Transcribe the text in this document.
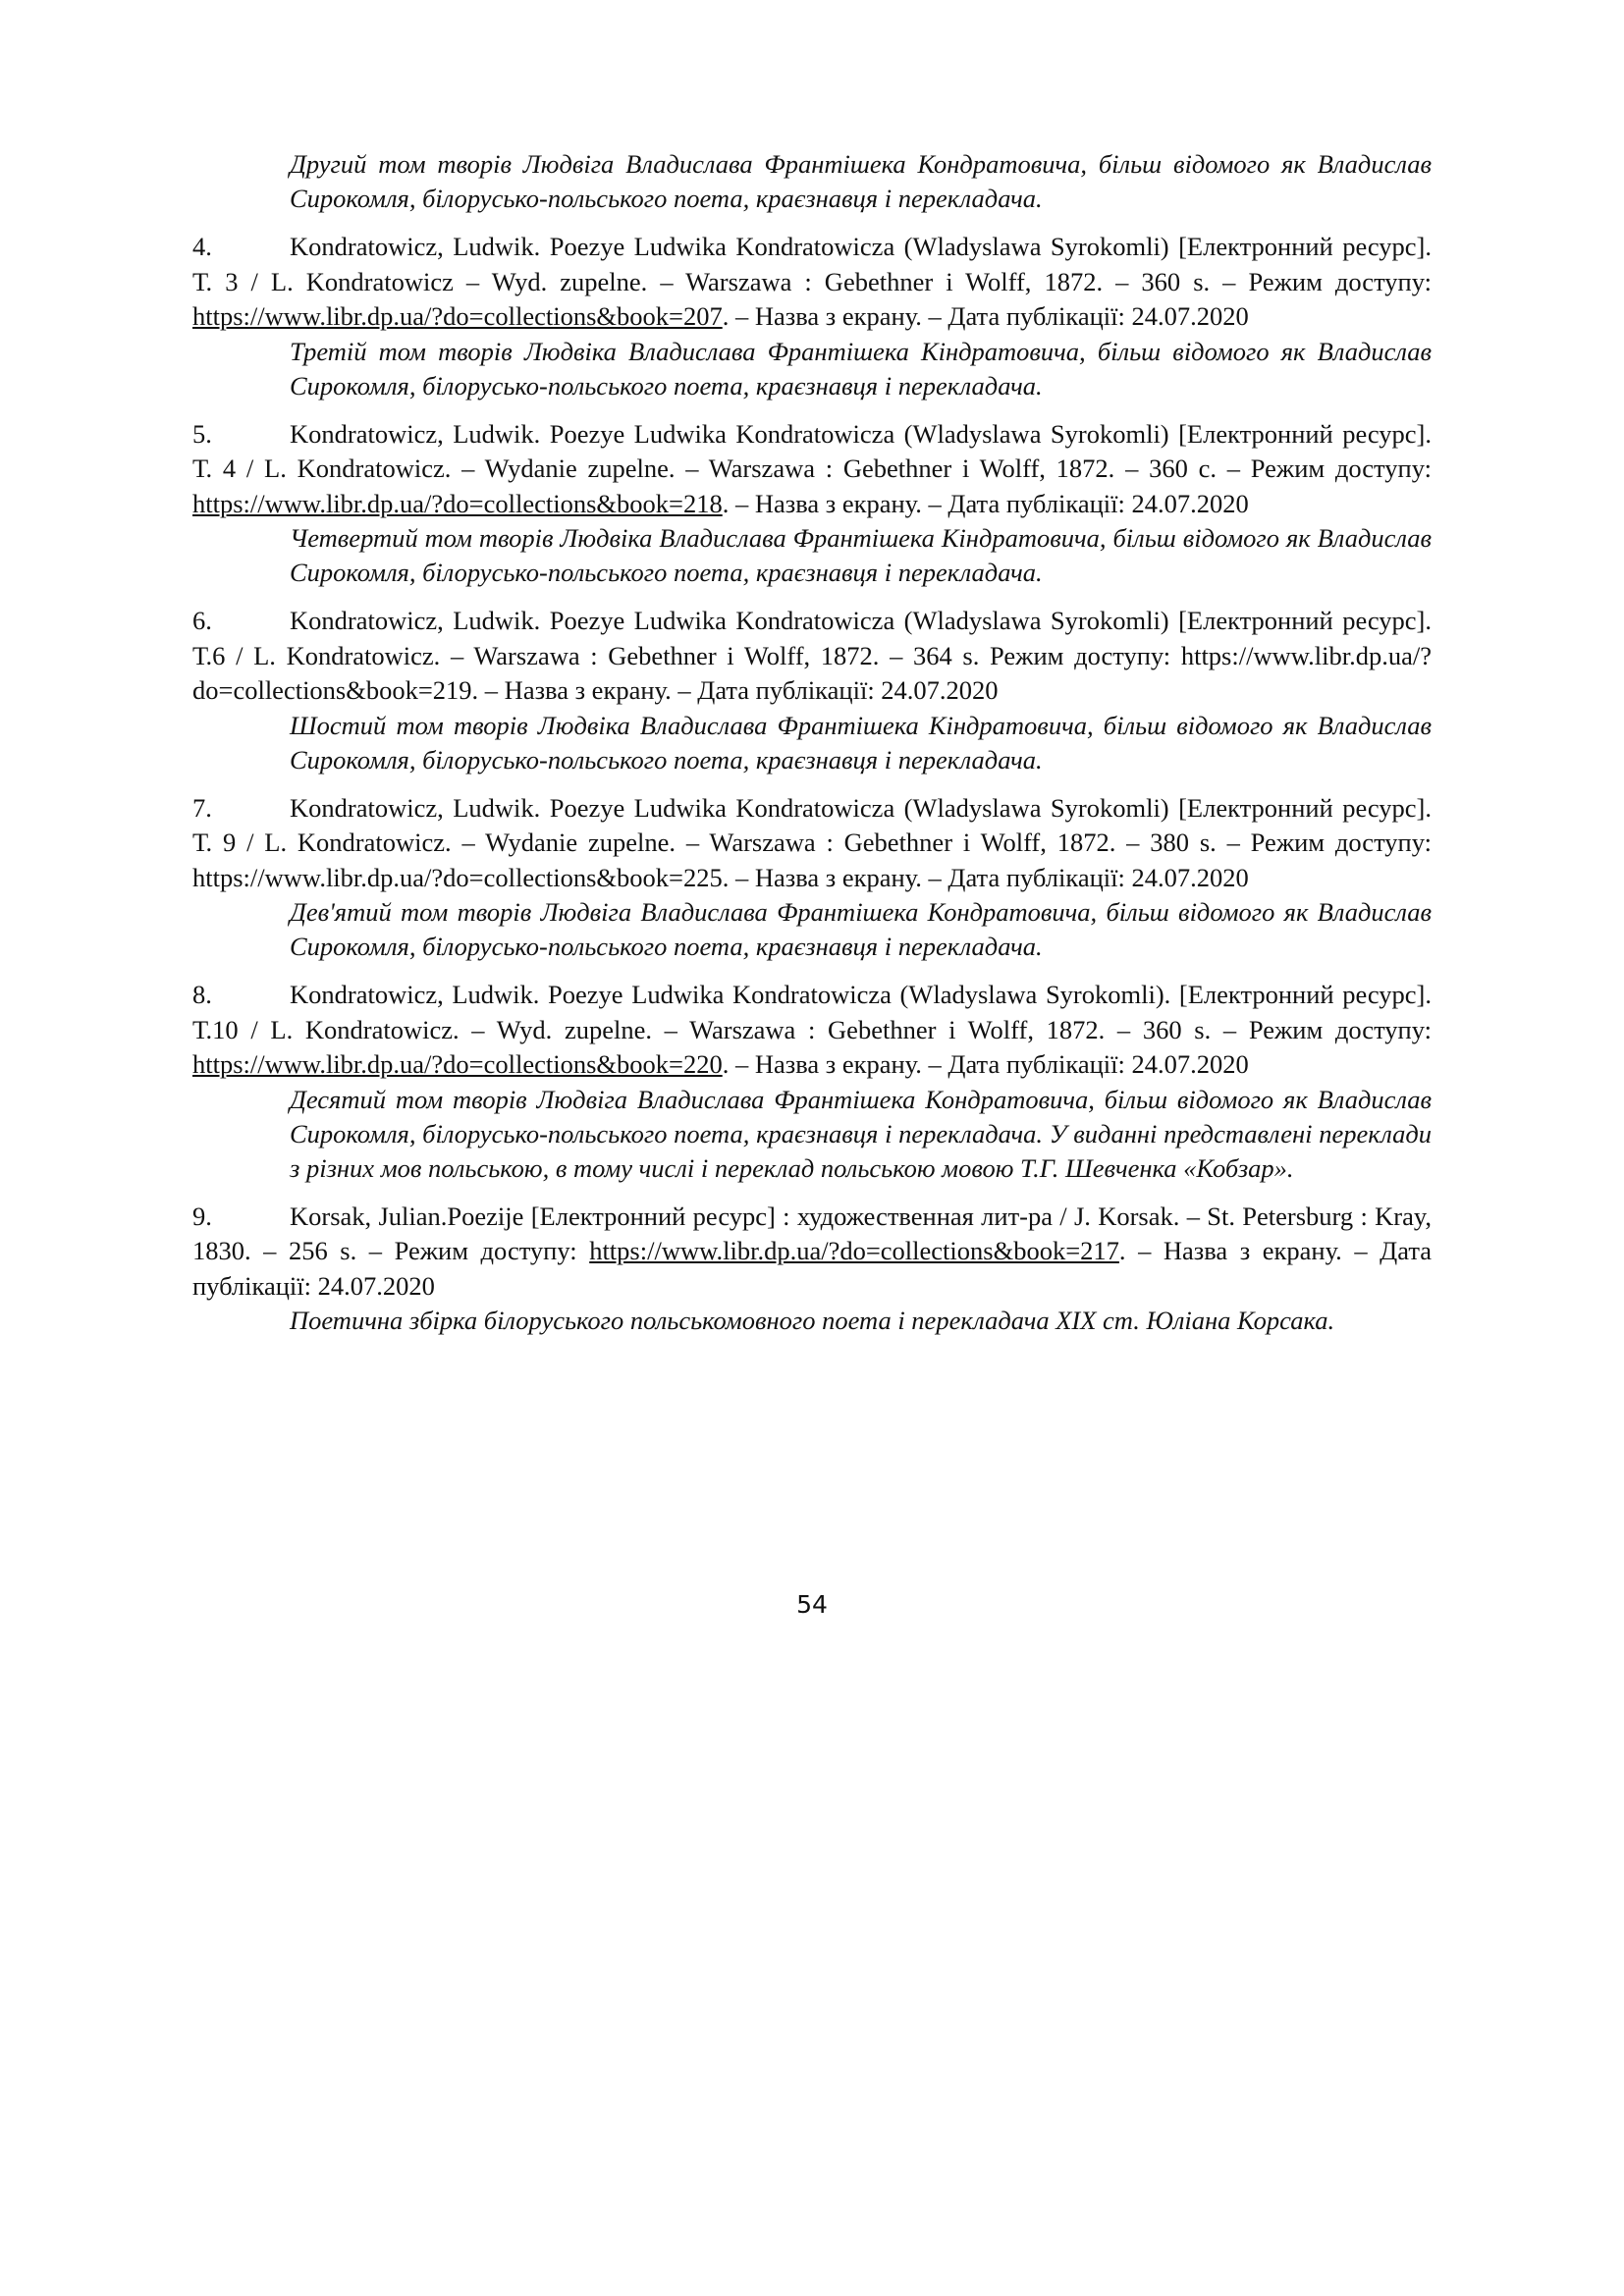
Другий том творів Людвіга Владислава Франтішека Кондратовича, більш відомого як Владислав Сирокомля, білорусько-польського поета, краєзнавця і перекладача.

4.	Kondratowicz, Ludwik. Poezye Ludwika Kondratowicza (Wladyslawa Syrokomli) [Електронний ресурс]. Т. 3 / L. Kondratowicz – Wyd. zupelne. – Warszawa : Gebethner i Wolff, 1872. – 360 s. – Режим доступу: https://www.libr.dp.ua/?do=collections&book=207. – Назва з екрану. – Дата публікації: 24.07.2020

Третій том творів Людвіка Владислава Франтішека Кіндратовича, більш відомого як Владислав Сирокомля, білорусько-польського поета, краєзнавця і перекладача.

5.	Kondratowicz, Ludwik. Poezye Ludwika Kondratowicza (Wladyslawa Syrokomli) [Електронний ресурс]. Т. 4 / L. Kondratowicz. – Wydanie zupelne. – Warszawa : Gebethner i Wolff, 1872. – 360 с. – Режим доступу: https://www.libr.dp.ua/?do=collections&book=218. – Назва з екрану. – Дата публікації: 24.07.2020

Четвертий том творів Людвіка Владислава Франтішека Кіндратовича, більш відомого як Владислав Сирокомля, білорусько-польського поета, краєзнавця і перекладача.

6.	Kondratowicz, Ludwik. Poezye Ludwika Kondratowicza (Wladyslawa Syrokomli) [Електронний ресурс]. Т.6 / L. Kondratowicz. – Warszawa : Gebethner i Wolff, 1872. – 364 s. Режим доступу: https://www.libr.dp.ua/?do=collections&book=219. – Назва з екрану. – Дата публікації: 24.07.2020

Шостий том творів Людвіка Владислава Франтішека Кіндратовича, більш відомого як Владислав Сирокомля, білорусько-польського поета, краєзнавця і перекладача.

7.	Kondratowicz, Ludwik. Poezye Ludwika Kondratowicza (Wladyslawa Syrokomli) [Електронний ресурс]. Т. 9 / L. Kondratowicz. – Wydanie zupelne. – Warszawa : Gebethner i Wolff, 1872. – 380 s. – Режим доступу: https://www.libr.dp.ua/?do=collections&book=225. – Назва з екрану. – Дата публікації: 24.07.2020

Дев'ятий том творів Людвіга Владислава Франтішека Кондратовича, більш відомого як Владислав Сирокомля, білорусько-польського поета, краєзнавця і перекладача.

8.	Kondratowicz, Ludwik. Poezye Ludwika Kondratowicza (Wladyslawa Syrokomli). [Електронний ресурс]. Т.10 / L. Kondratowicz. – Wyd. zupelne. – Warszawa : Gebethner i Wolff, 1872. – 360 s. – Режим доступу: https://www.libr.dp.ua/?do=collections&book=220. – Назва з екрану. – Дата публікації: 24.07.2020

Десятий том творів Людвіга Владислава Франтішека Кондратовича, більш відомого як Владислав Сирокомля, білорусько-польського поета, краєзнавця і перекладача. У виданні представлені переклади з різних мов польською, в тому числі і переклад польською мовою Т.Г. Шевченка «Кобзар».

9.	Korsak, Julian.Poezije [Електронний ресурс] : художественная лит-ра / J. Korsak. – St. Petersburg : Kray, 1830. – 256 s. – Режим доступу: https://www.libr.dp.ua/?do=collections&book=217. – Назва з екрану. – Дата публікації: 24.07.2020

Поетична збірка білоруського польськомовного поета і перекладача XIX ст. Юліана Корсака.

54
